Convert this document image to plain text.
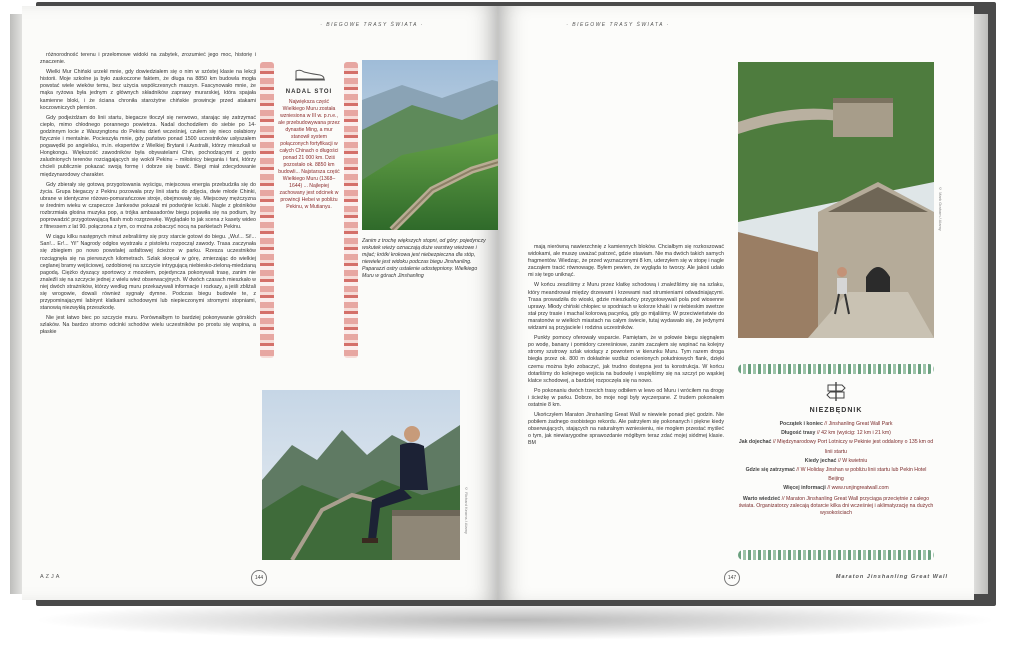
· BIEGOWE TRASY ŚWIATA ·

różnorodność terenu i przełomowe widoki na zabytek, zrozumieć jego moc, historię i znaczenie.

Wielki Mur Chiński urzekł mnie, gdy dowiedziałem się o nim w szóstej klasie na lekcji historii. Moje szkolne ja było zaskoczone faktem, że długa na 8850 km budowla mogła powstać wiele wieków temu, bez użycia współczesnych maszyn. Fascynowało mnie, że mąka ryżowa była jednym z głównych składników zaprawy murarskiej, która spajała kamienne bloki, i że ściana chroniła starożytne chińskie prowincje przed atakami koczowniczych plemion.

Gdy podjeżdżam do linii startu, biegacze tłoczył się nerwowo, starając się zatrzymać ciepło, mimo chłodnego porannego powietrza. Nadal dochodziłem do siebie po 14-godzinnym locie z Waszyngtonu do Pekinu dzień wcześniej, czułem się nieco osłabiony fizycznie i mentalnie. Pocieszyła mnie, gdy państwo ponad 1500 uczestników usłyszałem pogawędki po angielsku, m.in. ekspertów z Wielkiej Brytanii i Australii, którzy mieszkali w Hongkongu. Większość zawodników była obywatelami Chin, pochodzącymi z gęsto zaludnionych terenów rozciągających się wokół Pekinu – miłośnicy biegania i fani, którzy chcieli publicznie pokazać swoją formę i dobrze się bawić. Biegi miał zdecydowanie międzynarodowy charakter.

Gdy zbierały się gotową przygotowania wyścigu, miejscowa energia przebudziła się do życia. Grupa biegaczy z Pekinu pozowała przy linii startu do zdjęcia, dwie młode Chinki, ubrane w identyczne różowo-pomarańczowe stroje, obejmowały się. Miejscowy mężczyzna w średnim wieku w czapeczce Jankesów pokazał mi podwójnie kciuki. Nagle z głośników rozbrzmiała głośna muzyka pop, a trójka ambasadorów biegu pojawiła się na podium, by poprowadzić przygotowującą flash mob rozgrzewkę. Wyglądało to jak scena z kasety wideo z fitnessem z lat 90. połączona z tym, co można zobaczyć nocą na parkietach Pekinu.

W ciągu kilku następnych minut zebraliśmy się przy starcie gotowi do biegu. „Wu!... Si!... San!... Er!... Yi!” Nagrody odgłos wystrzału z pistoletu rozpoczął zawody. Trasa zaczynała się zbiegiem po nowo powstałej asfaltowej ścieżce w parku. Rzesza uczestników rozciągnęła się na pierwszych kilometrach. Szlak skręcał w górę, zmierzając do wielkiej ceglanej bramy wejściowej, ozdobionej na szczycie intrygującą niebiesko-zieloną-miedzianą pagodą. Ciężko dyszący sportowcy z mozołem, pojedyncza pokonywali trasę, zanim nie znaleźli się na szczycie jednej z wielu wież obserwacyjnych. W dwóch czasach mieszkało w niej dwóch strażników, którzy według muru przekazywali informacje i rozkazy, a jeśli zbliżali się wrogowie, dowali również sygnały dymne. Podczas biegu budowle te, z przypominającymi labirynt klatkami schodowymi lub niepieczonymi stromymi stopniami, stanowią niezwykłą przeszkodę.

Nie jest łatwo biec po szczycie muru. Porównałbym to bardziej pokonywanie górskich szlaków. Na bardzo stromo odcinki schodów wielu uczestników po prostu się wspina, a płaskie

NADAL STOI
Największa część Wielkiego Muru została wzniesiona w III w. p.n.e., ale przebudowywana przez dynastie Ming, a mur stanowił system połączonych fortyfikacji w całych Chinach o długości ponad 21 000 km. Dziś pozostało ok. 8850 km budowli... Najstarsza część Wielkiego Muru (1368–1644) ... Najlepiej zachowany jest odcinek w prowincji Hebei w pobliżu Pekinu, w Mutianyu.
© Richard Kearns / Alamy
144
AZJA
Zanim z trochę większych stopni, od góry: pojedynczy wskutek wieży oznaczają duże warstwy wieżowe i mijać; krótki krokowa jest niebezpieczna dla stóp, niewiele jest widoku podczas biegu Jinshanling. Paparazzi ostry ustalenie udostępniony. Wielkiego Muru w górach Jinshanling
· BIEGOWE TRASY ŚWIATA ·

mają nierówną nawierzchnię z kamiennych bloków. Chciałbym się rozkoszować widokami, ale muszę uważać patrzeć, gdzie stawiam. Nie ma dwóch takich samych fragmentów. Wiedząc, że przed wyznaczonymi 8 km, uderzyłem się w stopę i nagle zacząłem tracić równowagę. Byłem pewien, że wygląda to tworzy. Ale jakoś udało mi się tego uniknąć.

W końcu zeszliśmy z Muru przez klatkę schodową i znaleźliśmy się na szlaku, który meandrował między drzewami i krzewami nad strumieniami odwadniającymi. Trasa prowadziła do wioski, gdzie mieszkańcy przygotowywali pola pod wiosenne uprawy. Młody chiński chłopiec w spodniach w kolorze khaki i w niebieskim swetrze stał przy trasie i machał kolorową pacynką, gdy go mijaliśmy. W przeciwieństwie do maratonów w wielkich miastach na całym świecie, tutaj wydawało się, że jedynymi widzami są przyjaciele i rodzina uczestników.

Punkty pomocy oferowały wsparcie. Pamiętam, że w połowie biegu sięgnąłem po wodę, banany i pomidory czereśniowe, zanim zacząłem się wspinać na kolejny stromy szutrowy szlak wiodący z powrotem w kierunku Muru. Tym razem droga biegła przez ok. 800 m dokładnie wzdłuż ocienionych południowych flank, dzięki czemu można było zobaczyć, jak trudno dostępna jest ta konstrukcja. W końcu dotarliśmy do kolejnego wejścia na budowlę i wspięliśmy się na szczyt po wąskiej klatce schodowej, a bardziej rozpoczęła się na nowo.

Po pokonaniu dwóch trzecich trasy odbiłem w lewo od Muru i wróciłem na drogę i ścieżkę w parku. Dobrze, bo moje nogi były wyczerpane. Z trudem pokonałem ostatnie 8 km.

Ukończyłem Maraton Jinshanling Great Wall w niewiele ponad pięć godzin. Nie pobiłem żadnego osobistego rekordu. Ale patrzyłem się pokonanych i piękne kiedy obserwujących, stających na naturalnym wzniesieniu, nie mogłem przestać myśleć o tym, jak niewiarygodne sprawozdanie mógłbym teraz zdać mojej siódmej klasie. BM

© Mark Graham / Alamy
NIEZBĘDNIK
Początek i koniec // Jinshanling Great Wall Park
Długość trasy // 42 km (wyścig: 12 km i 21 km)
Jak dojechać // Międzynarodowy Port Lotniczy w Pekinie jest oddalony o 135 km od linii startu
Kiedy jechać // W kwietniu
Gdzie się zatrzymać // W Holiday Jinshan w pobliżu linii startu lub Pekin Hotel Beijing
Więcej informacji // www.runjingreatwall.com
Warto wiedzieć // Maraton Jinshanling Great Wall przyciąga przeciętnie z całego świata. Organizatorzy zalecają dotarcie kilka dni wcześniej i aklimatyzację na dużych wysokościach
147	Maraton Jinshanling Great Wall
